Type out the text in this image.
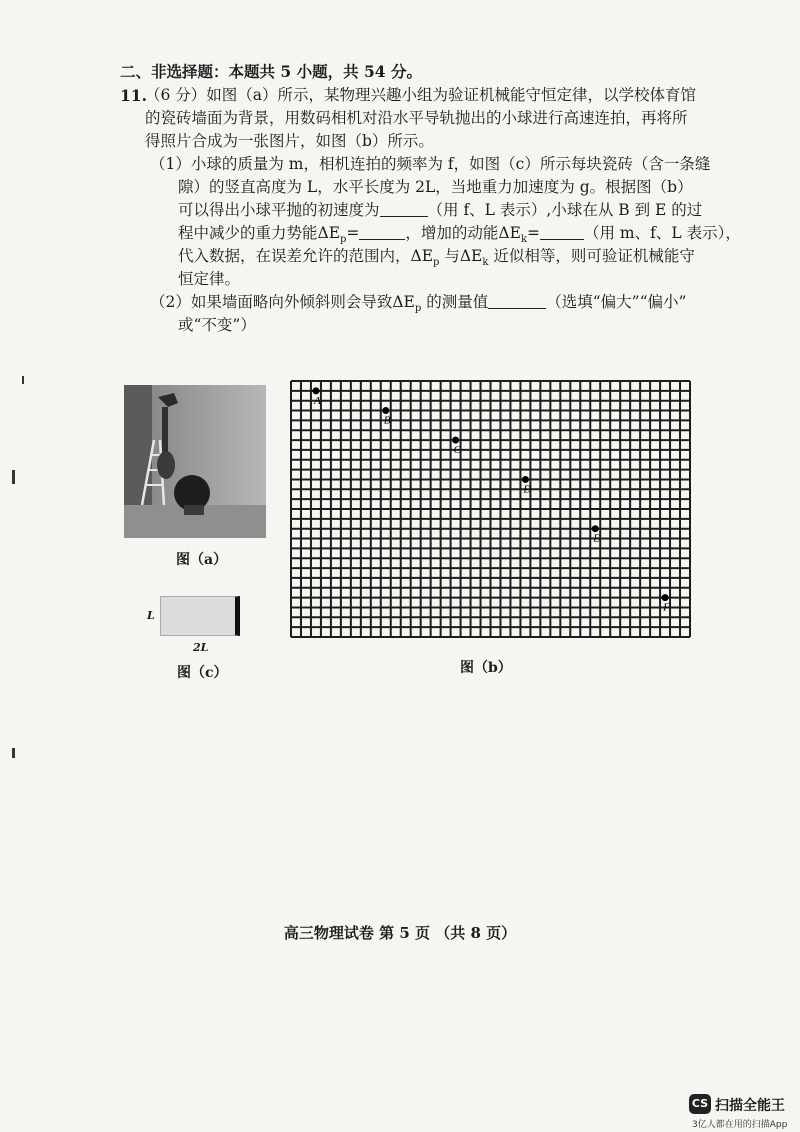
二、非选择题：本题共 5 小题，共 54 分。
11.
（6 分）如图（a）所示，某物理兴趣小组为验证机械能守恒定律，以学校体育馆
的瓷砖墙面为背景，用数码相机对沿水平导轨抛出的小球进行高速连拍，再将所
得照片合成为一张图片，如图（b）所示。
（1）小球的质量为 m，相机连拍的频率为 f，如图（c）所示每块瓷砖（含一条缝
隙）的竖直高度为 L，水平长度为 2L，当地重力加速度为 g。根据图（b）
可以得出小球平抛的初速度为	（用 f、L 表示）,小球在从 B 到 E 的过
程中减少的重力势能$\Delta E_p=$	，增加的动能$\Delta E_k=$	（用 m、f、L 表示），
代入数据，在误差允许的范围内，$\Delta E_p$ 与$\Delta E_k$ 近似相等，则可验证机械能守
恒定律。
（2）如果墙面略向外倾斜则会导致$\Delta E_p$ 的测量值	（选填“偏大”“偏小”
或“不变”）
图（a）
L
2L
图（c）
A
B
C
D
E
F
图（b）
高三物理试卷 第 5 页 （共 8 页）
CS 扫描全能王
3亿人都在用的扫描App
